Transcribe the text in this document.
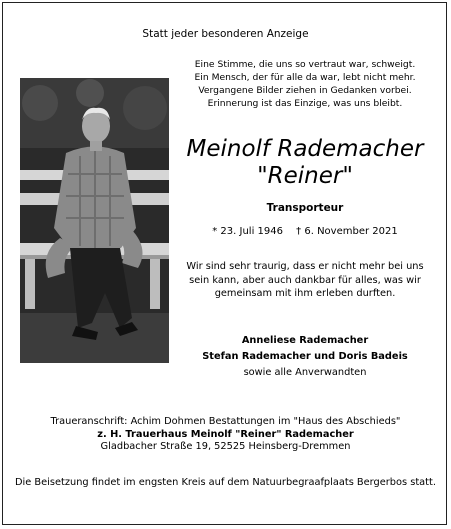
Statt jeder besonderen Anzeige
Eine Stimme, die uns so vertraut war, schweigt.
Ein Mensch, der für alle da war, lebt nicht mehr.
Vergangene Bilder ziehen in Gedanken vorbei.
Erinnerung ist das Einzige, was uns bleibt.
Meinolf Rademacher
"Reiner"
Transporteur
* 23. Juli 1946 † 6. November 2021
Wir sind sehr traurig, dass er nicht mehr bei uns
sein kann, aber auch dankbar für alles, was wir
gemeinsam mit ihm erleben durften.
Anneliese Rademacher
Stefan Rademacher und Doris Badeis
sowie alle Anverwandten
Traueranschrift: Achim Dohmen Bestattungen im "Haus des Abschieds"
z. H. Trauerhaus Meinolf "Reiner" Rademacher
Gladbacher Straße 19, 52525 Heinsberg-Dremmen
Die Beisetzung findet im engsten Kreis auf dem Natuurbegraafplaats Bergerbos statt.
